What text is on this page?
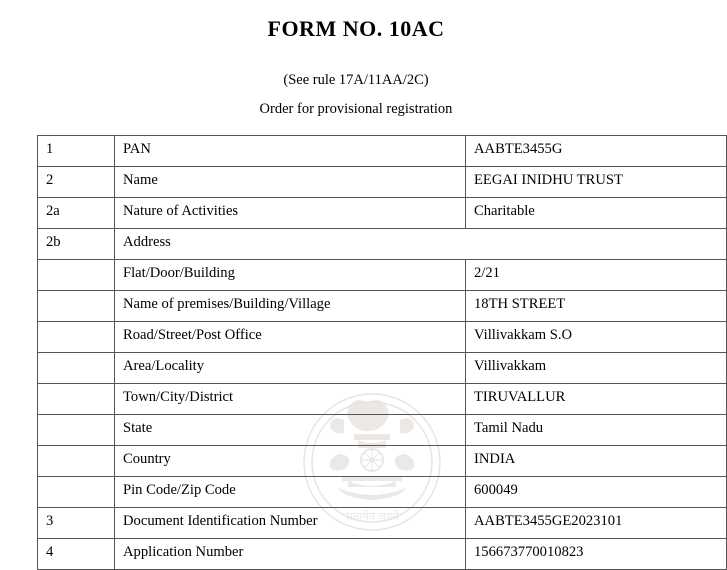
सत्यमेव जयते
FORM NO. 10AC
(See rule 17A/11AA/2C)
Order for provisional registration
1	PAN	AABTE3455G
2	Name	EEGAI INIDHU TRUST
2a	Nature of Activities	Charitable
2b	Address	
	Flat/Door/Building	2/21
	Name of premises/Building/Village	18TH STREET
	Road/Street/Post Office	Villivakkam S.O
	Area/Locality	Villivakkam
	Town/City/District	TIRUVALLUR
	State	Tamil Nadu
	Country	INDIA
	Pin Code/Zip Code	600049
3	Document Identification Number	AABTE3455GE2023101
4	Application Number	156673770010823
